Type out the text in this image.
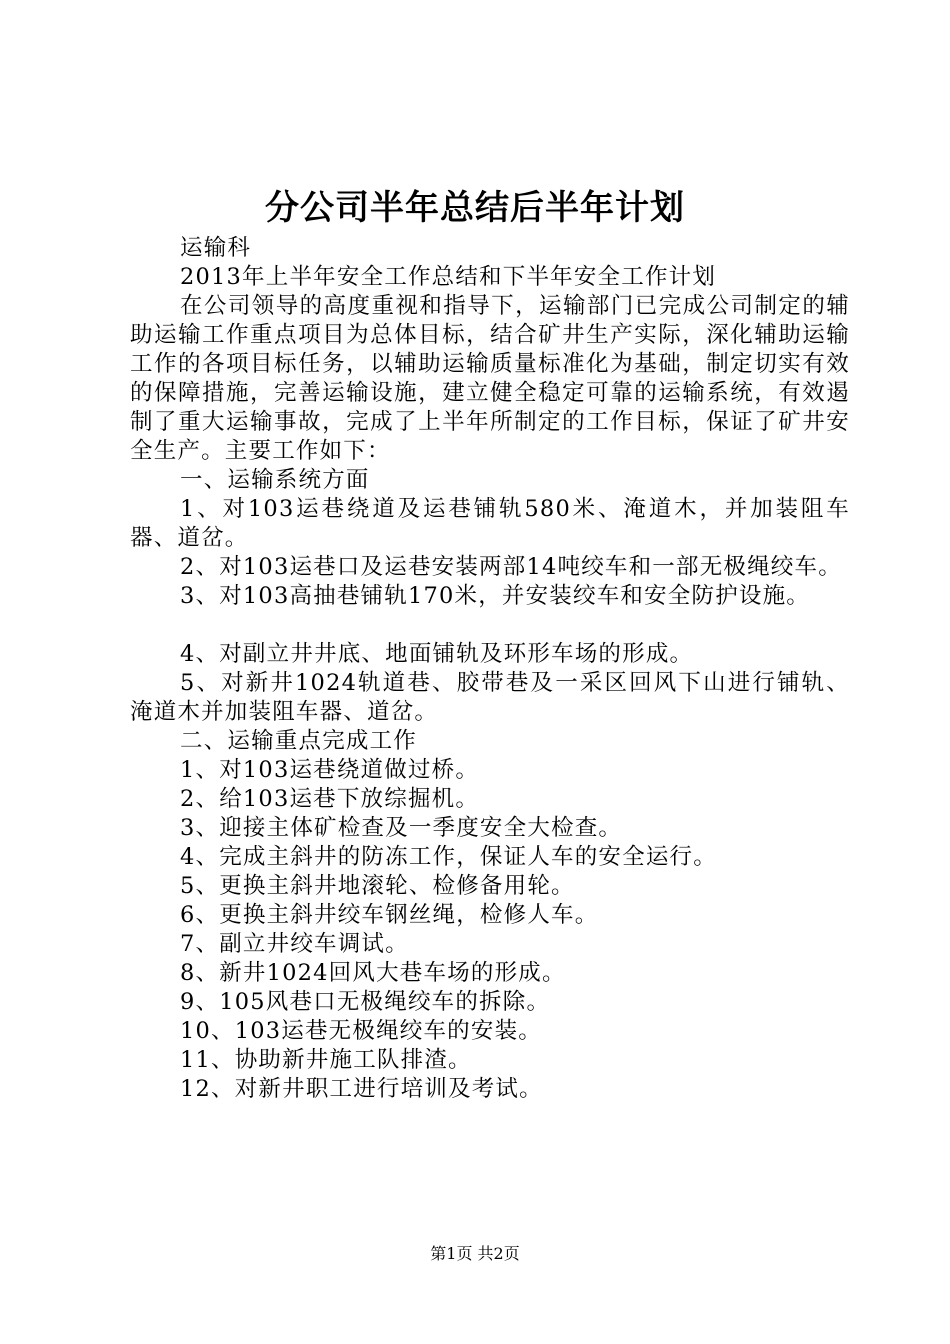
分公司半年总结后半年计划

运输科

2013年上半年安全工作总结和下半年安全工作计划

在公司领导的高度重视和指导下，运输部门已完成公司制定的辅助运输工作重点项目为总体目标，结合矿井生产实际，深化辅助运输工作的各项目标任务，以辅助运输质量标准化为基础，制定切实有效的保障措施，完善运输设施，建立健全稳定可靠的运输系统，有效遏制了重大运输事故，完成了上半年所制定的工作目标，保证了矿井安全生产。主要工作如下：

一、运输系统方面

1、对103运巷绕道及运巷铺轨580米、淹道木，并加装阻车器、道岔。

2、对103运巷口及运巷安装两部14吨绞车和一部无极绳绞车。

3、对103高抽巷铺轨170米，并安装绞车和安全防护设施。

4、对副立井井底、地面铺轨及环形车场的形成。

5、对新井1024轨道巷、胶带巷及一采区回风下山进行铺轨、淹道木并加装阻车器、道岔。

二、运输重点完成工作

1、对103运巷绕道做过桥。

2、给103运巷下放综掘机。

3、迎接主体矿检查及一季度安全大检查。

4、完成主斜井的防冻工作，保证人车的安全运行。

5、更换主斜井地滚轮、检修备用轮。

6、更换主斜井绞车钢丝绳，检修人车。

7、副立井绞车调试。

8、新井1024回风大巷车场的形成。

9、105风巷口无极绳绞车的拆除。

10、103运巷无极绳绞车的安装。

11、协助新井施工队排渣。

12、对新井职工进行培训及考试。

第1页 共2页
